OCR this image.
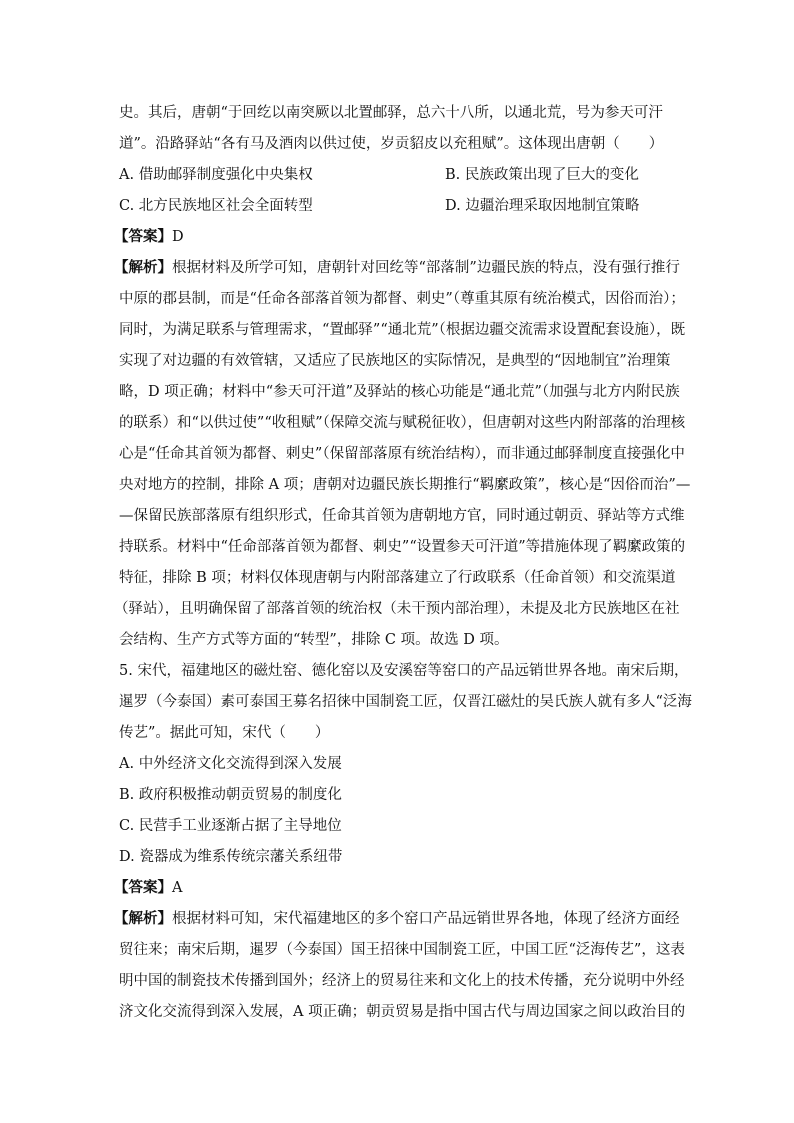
史。其后，唐朝“于回纥以南突厥以北置邮驿，总六十八所，以通北荒，号为参天可汗
道”。沿路驿站“各有马及酒肉以供过使，岁贡貂皮以充租赋”。这体现出唐朝（　　）
A. 借助邮驿制度强化中央集权	B. 民族政策出现了巨大的变化
C. 北方民族地区社会全面转型	D. 边疆治理采取因地制宜策略
【答案】D
【解析】根据材料及所学可知，唐朝针对回纥等“部落制”边疆民族的特点，没有强行推行
中原的郡县制，而是“任命各部落首领为都督、刺史”（尊重其原有统治模式，因俗而治）；
同时，为满足联系与管理需求，“置邮驿”“通北荒”（根据边疆交流需求设置配套设施），既
实现了对边疆的有效管辖，又适应了民族地区的实际情况，是典型的“因地制宜”治理策
略，D 项正确；材料中“参天可汗道”及驿站的核心功能是“通北荒”（加强与北方内附民族
的联系）和“以供过使”“收租赋”（保障交流与赋税征收），但唐朝对这些内附部落的治理核
心是“任命其首领为都督、刺史”（保留部落原有统治结构），而非通过邮驿制度直接强化中
央对地方的控制，排除 A 项；唐朝对边疆民族长期推行“羁縻政策”，核心是“因俗而治”—
—保留民族部落原有组织形式，任命其首领为唐朝地方官，同时通过朝贡、驿站等方式维
持联系。材料中“任命部落首领为都督、刺史”“设置参天可汗道”等措施体现了羁縻政策的
特征，排除 B 项；材料仅体现唐朝与内附部落建立了行政联系（任命首领）和交流渠道
（驿站），且明确保留了部落首领的统治权（未干预内部治理），未提及北方民族地区在社
会结构、生产方式等方面的“转型”，排除 C 项。故选 D 项。
5. 宋代，福建地区的磁灶窑、德化窑以及安溪窑等窑口的产品远销世界各地。南宋后期，
暹罗（今泰国）素可泰国王募名招徕中国制瓷工匠，仅晋江磁灶的吴氏族人就有多人“泛海
传艺”。据此可知，宋代（　　）
A. 中外经济文化交流得到深入发展
B. 政府积极推动朝贡贸易的制度化
C. 民营手工业逐渐占据了主导地位
D. 瓷器成为维系传统宗藩关系纽带
【答案】A
【解析】根据材料可知，宋代福建地区的多个窑口产品远销世界各地，体现了经济方面经
贸往来；南宋后期，暹罗（今泰国）国王招徕中国制瓷工匠，中国工匠“泛海传艺”，这表
明中国的制瓷技术传播到国外；经济上的贸易往来和文化上的技术传播，充分说明中外经
济文化交流得到深入发展，A 项正确；朝贡贸易是指中国古代与周边国家之间以政治目的
